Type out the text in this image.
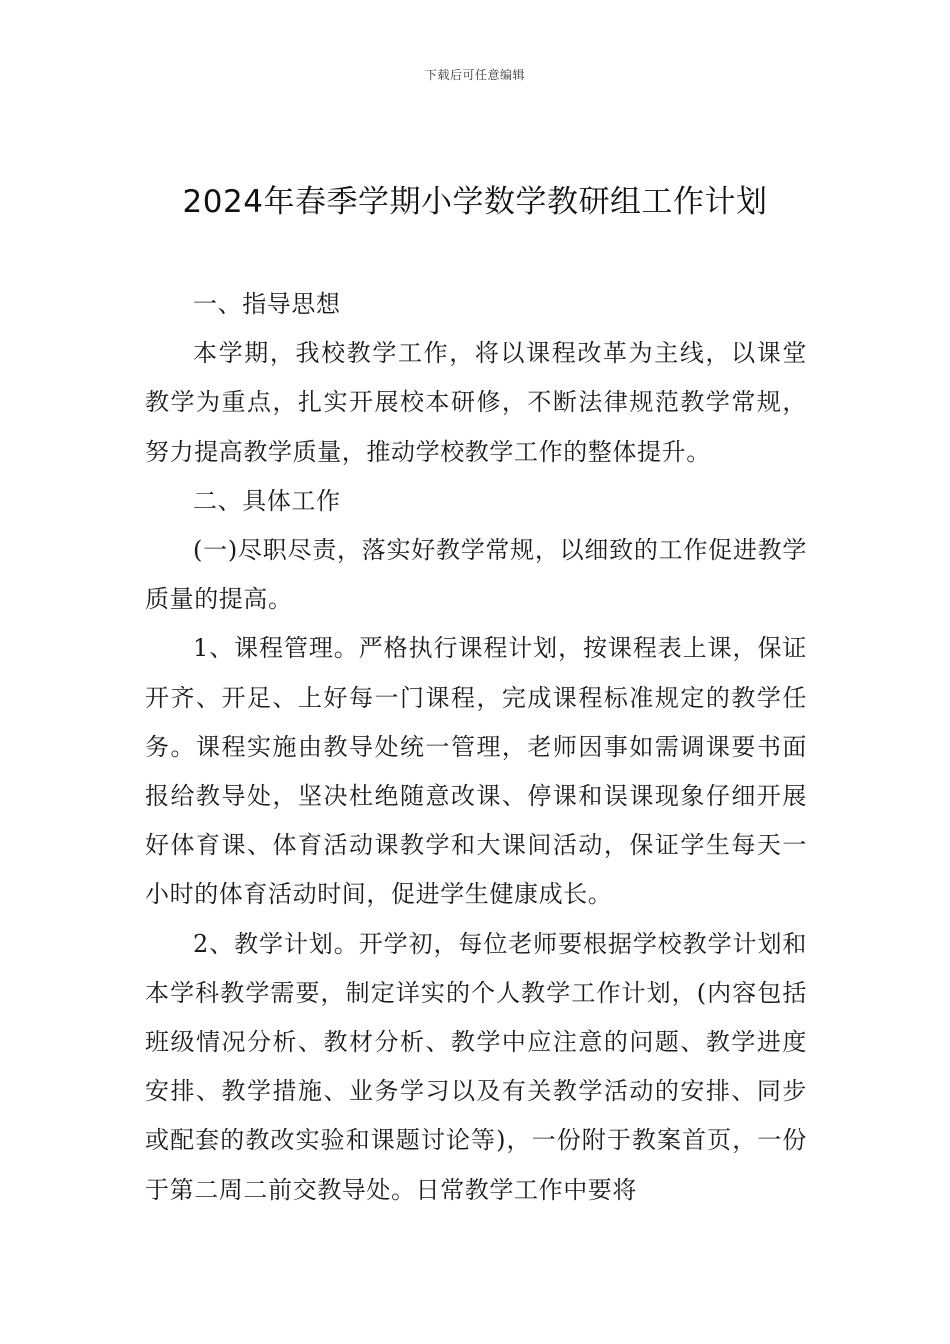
下载后可任意编辑
2024年春季学期小学数学教研组工作计划

一、指导思想

本学期，我校教学工作，将以课程改革为主线，以课堂教学为重点，扎实开展校本研修，不断法律规范教学常规，努力提高教学质量，推动学校教学工作的整体提升。

二、具体工作

(一)尽职尽责，落实好教学常规，以细致的工作促进教学质量的提高。

1、课程管理。严格执行课程计划，按课程表上课，保证开齐、开足、上好每一门课程，完成课程标准规定的教学任务。课程实施由教导处统一管理，老师因事如需调课要书面报给教导处，坚决杜绝随意改课、停课和误课现象仔细开展好体育课、体育活动课教学和大课间活动，保证学生每天一小时的体育活动时间，促进学生健康成长。

2、教学计划。开学初，每位老师要根据学校教学计划和本学科教学需要，制定详实的个人教学工作计划，(内容包括班级情况分析、教材分析、教学中应注意的问题、教学进度安排、教学措施、业务学习以及有关教学活动的安排、同步或配套的教改实验和课题讨论等)，一份附于教案首页，一份于第二周二前交教导处。日常教学工作中要将
